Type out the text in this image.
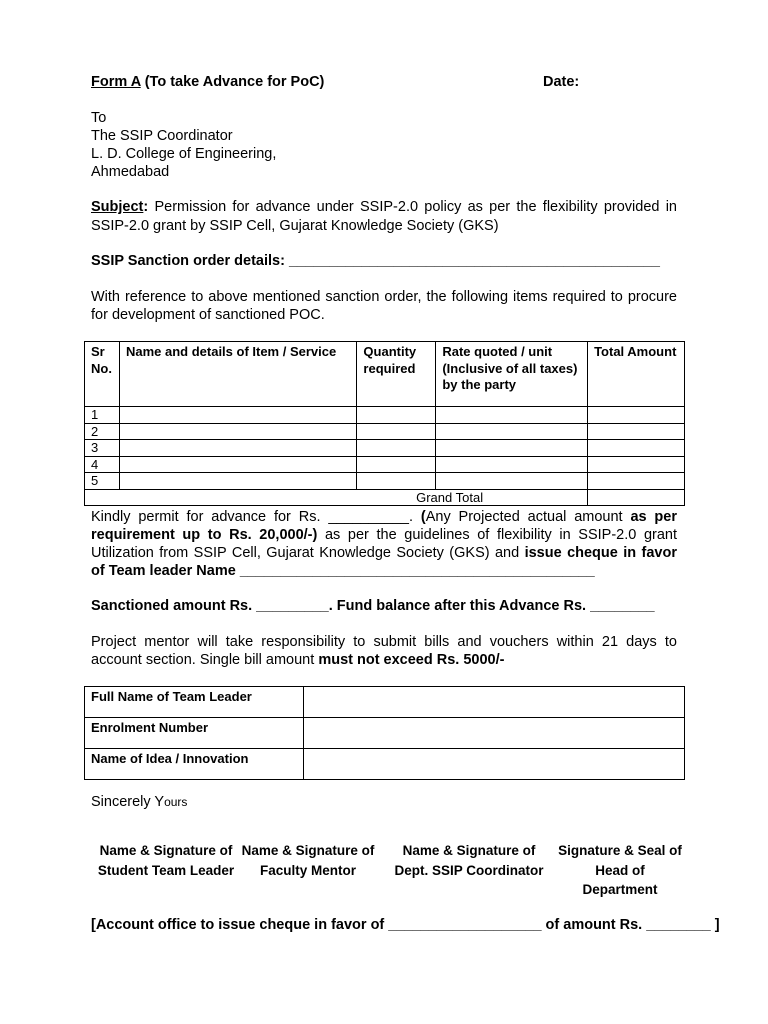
Form A (To take Advance for PoC)	Date:
To
The SSIP Coordinator
L. D. College of Engineering,
Ahmedabad
Subject: Permission for advance under SSIP-2.0 policy as per the flexibility provided in SSIP-2.0 grant by SSIP Cell, Gujarat Knowledge Society (GKS)
SSIP Sanction order details: ______________________________________________
With reference to above mentioned sanction order, the following items required to procure for development of sanctioned POC.
Sr No.	Name and details of Item / Service	Quantity required	Rate quoted / unit (Inclusive of all taxes) by the party	Total Amount
1				
2				
3				
4				
5				
Grand Total				
Kindly permit for advance for Rs. __________. (Any Projected actual amount as per requirement up to Rs. 20,000/-) as per the guidelines of flexibility in SSIP-2.0 grant Utilization from SSIP Cell, Gujarat Knowledge Society (GKS) and issue cheque in favor of Team leader Name ____________________________________________
Sanctioned amount Rs. _________. Fund balance after this Advance Rs. ________
Project mentor will take responsibility to submit bills and vouchers within 21 days to account section. Single bill amount must not exceed Rs. 5000/-
Full Name of Team Leader	
Enrolment Number	
Name of Idea / Innovation	
Sincerely Yours
Name & Signature of Student Team Leader
Name & Signature of Faculty Mentor
Name & Signature of Dept. SSIP Coordinator
Signature & Seal of Head of Department
[Account office to issue cheque in favor of ___________________ of amount Rs. ________ ]
